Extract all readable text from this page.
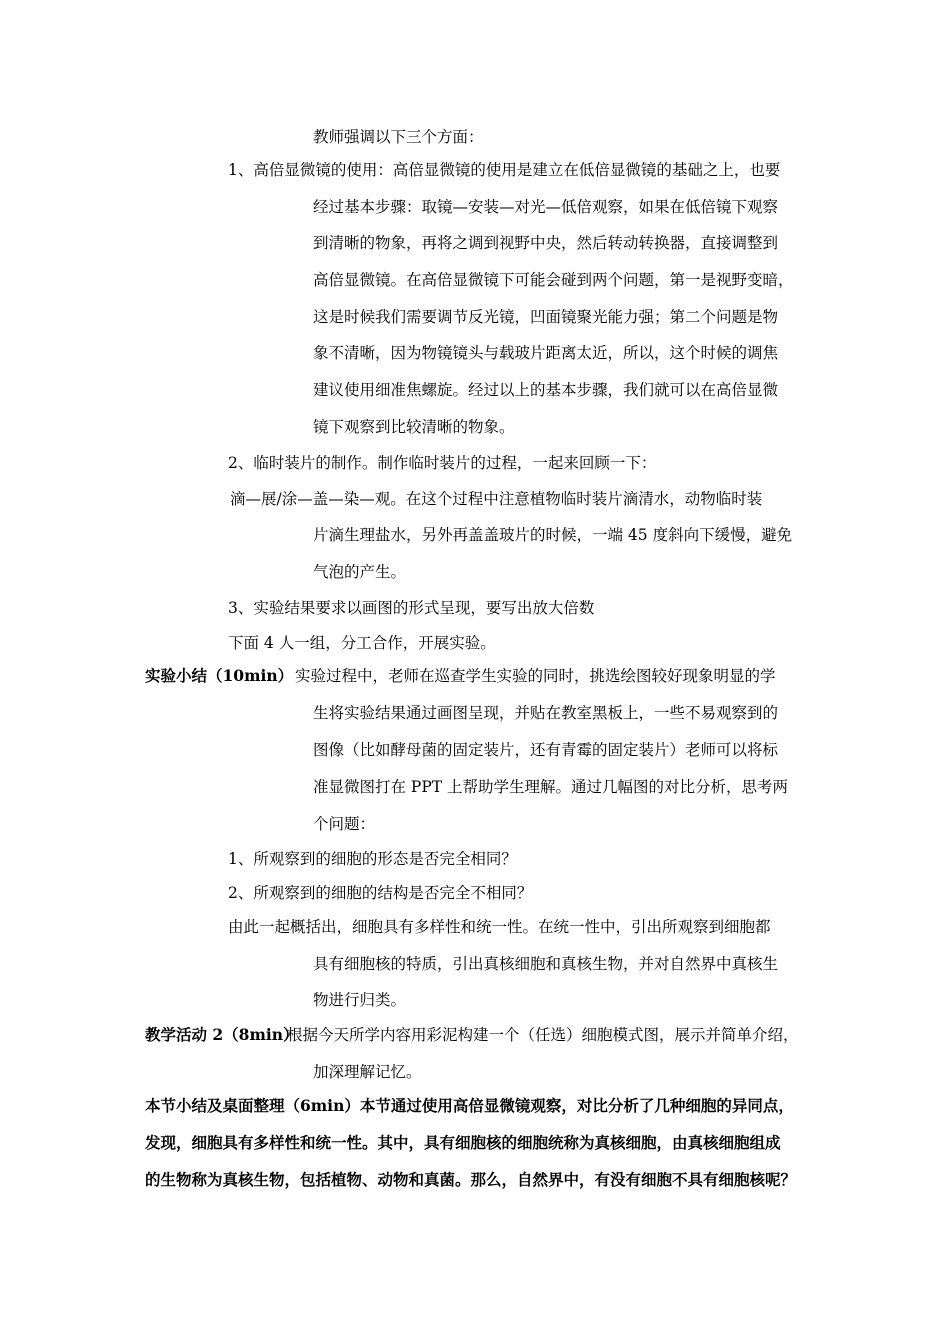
教师强调以下三个方面：
1、高倍显微镜的使用：高倍显微镜的使用是建立在低倍显微镜的基础之上，也要
经过基本步骤：取镜—安装—对光—低倍观察，如果在低倍镜下观察
到清晰的物象，再将之调到视野中央，然后转动转换器，直接调整到
高倍显微镜。在高倍显微镜下可能会碰到两个问题，第一是视野变暗，
这是时候我们需要调节反光镜，凹面镜聚光能力强；第二个问题是物
象不清晰，因为物镜镜头与载玻片距离太近，所以，这个时候的调焦
建议使用细准焦螺旋。经过以上的基本步骤，我们就可以在高倍显微
镜下观察到比较清晰的物象。
2、临时装片的制作。制作临时装片的过程，一起来回顾一下：
滴—展/涂—盖—染—观。在这个过程中注意植物临时装片滴清水，动物临时装
片滴生理盐水，另外再盖盖玻片的时候，一端 45 度斜向下缓慢，避免
气泡的产生。
3、实验结果要求以画图的形式呈现，要写出放大倍数
下面 4 人一组，分工合作，开展实验。
实验小结（10min） 实验过程中，老师在巡查学生实验的同时，挑选绘图较好现象明显的学
生将实验结果通过画图呈现，并贴在教室黑板上，一些不易观察到的
图像（比如酵母菌的固定装片，还有青霉的固定装片）老师可以将标
准显微图打在 PPT 上帮助学生理解。通过几幅图的对比分析，思考两
个问题：
1、所观察到的细胞的形态是否完全相同？
2、所观察到的细胞的结构是否完全不相同？
由此一起概括出，细胞具有多样性和统一性。在统一性中，引出所观察到细胞都
具有细胞核的特质，引出真核细胞和真核生物，并对自然界中真核生
物进行归类。
教学活动 2（8min）
根据今天所学内容用彩泥构建一个（任选）细胞模式图，展示并简单介绍，
加深理解记忆。
本节小结及桌面整理（6min）本节通过使用高倍显微镜观察，对比分析了几种细胞的异同点，
发现，细胞具有多样性和统一性。其中，具有细胞核的细胞统称为真核细胞，由真核细胞组成
的生物称为真核生物，包括植物、动物和真菌。那么，自然界中，有没有细胞不具有细胞核呢？
